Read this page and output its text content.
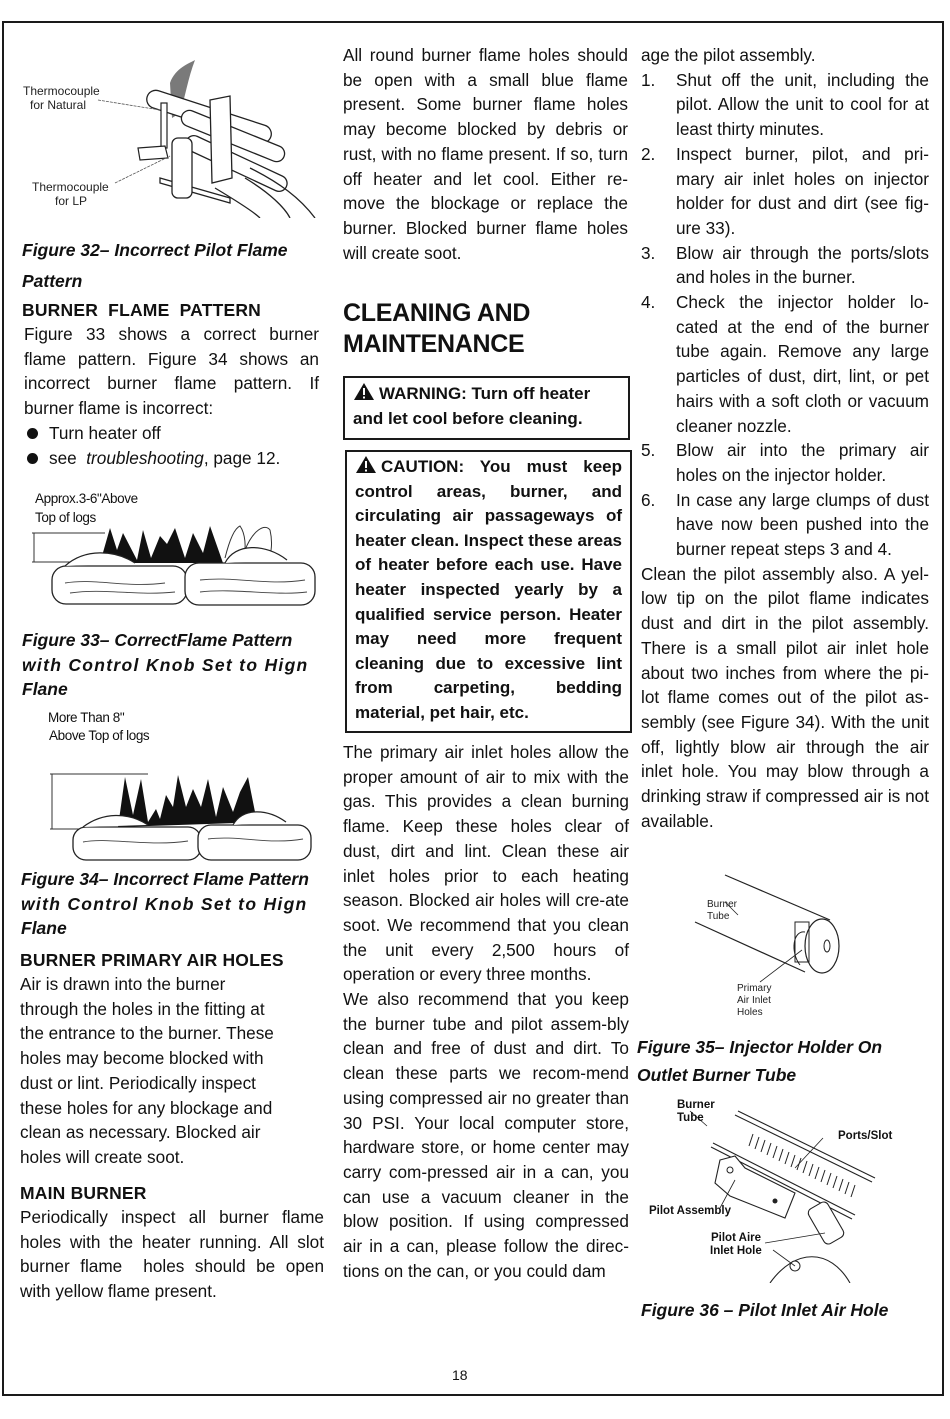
Thermocouple
for Natural
Thermocouple
for LP

Figure 32– Incorrect Pilot Flame

Pattern

BURNER  FLAME  PATTERN

Figure 33 shows a correct burner flame pattern. Figure 34 shows an incorrect burner flame pattern. If burner flame is incorrect:

Turn heater off
see  troubleshooting, page 12.
Approx.3-6"Above
Top of logs

Figure 33– CorrectFlame Pattern

with Control Knob Set to Hign

Flane

More Than 8"
Above Top of logs

Figure 34– Incorrect Flame Pattern

with Control Knob Set to Hign

Flane

BURNER PRIMARY AIR HOLES

Air is drawn into the burner

through the holes in the fitting at

the entrance to the burner. These

holes may become blocked with

dust or lint. Periodically inspect

these holes for any blockage and

clean as necessary. Blocked air

holes will create soot.

MAIN BURNER

Periodically inspect all burner flame holes with the heater running. All slot burner flame  holes should be open with yellow flame present.

All round burner flame holes should be open with a small blue flame present. Some burner flame holes may become blocked by debris or rust, with no flame present. If so, turn off heater and let cool. Either re-move the blockage or replace the burner. Blocked burner flame holes will create soot.

CLEANING AND

MAINTENANCE

WARNING: Turn off heater and let cool before cleaning.

CAUTION: You must keep control areas, burner, and circulating air passageways of heater clean. Inspect these areas of heater before each use. Have heater inspected yearly by a qualified service person. Heater may need more frequent cleaning due to excessive lint from carpeting, bedding material, pet hair, etc.

The primary air inlet holes allow the proper amount of air to mix with the gas. This provides a clean burning flame. Keep these holes clear of dust, dirt and lint. Clean these air inlet holes prior to each heating season. Blocked air holes will cre-ate soot. We recommend that you clean the unit every 2,500 hours of operation or every three months.

We also recommend that you keep the burner tube and pilot assem-bly clean and free of dust and dirt. To clean these parts we recom-mend using compressed air no greater than 30 PSI. Your local computer store, hardware store, or home center may carry com-pressed air in a can, you can use a vacuum cleaner in the blow position. If using compressed air in a can, please follow the direc-tions on the can, or you could dam

age the pilot assembly.

1. Shut off the unit, including the pilot. Allow the unit to cool for at least thirty minutes.
2. Inspect burner, pilot, and pri-mary air inlet holes on injector holder for dust and dirt (see fig-ure 33).
3. Blow air through the ports/slots and holes in the burner.
4. Check the injector holder lo-cated at the end of the burner tube again. Remove any large particles of dust, dirt, lint, or pet hairs with a soft cloth or vacuum cleaner nozzle.
5. Blow air into the primary air holes on the injector holder.
6. In case any large clumps of dust have now been pushed into the burner repeat steps 3 and 4.

Clean the pilot assembly also. A yel-low tip on the pilot flame indicates dust and dirt in the pilot assembly. There is a small pilot air inlet hole about two inches from where the pi-lot flame comes out of the pilot as-sembly (see Figure 34). With the unit off, lightly blow air through the air inlet hole. You may blow through a drinking straw if compressed air is not available.

Burner
Tube
Primary
Air Inlet
Holes

Figure 35– Injector Holder On

Outlet Burner Tube

Burner
Tube
Ports/Slot
Pilot Assembly
Pilot Aire
Inlet Hole

Figure 36 – Pilot Inlet Air Hole

18
